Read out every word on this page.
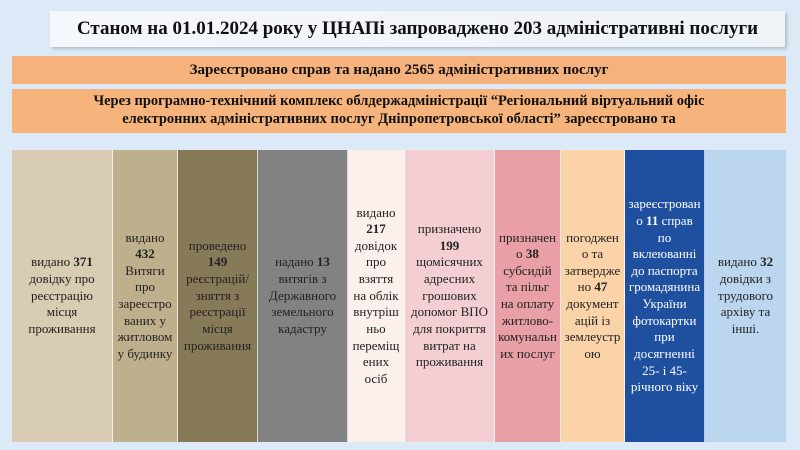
Станом на 01.01.2024 року у ЦНАПі запроваджено 203 адміністративні послуги
Зареєстровано справ та надано 2565 адміністративних послуг
Через програмно-технічний комплекс облдержадміністрації “Регіональний віртуальний офіс електронних адміністративних послуг Дніпропетровської області” зареєстровано та
видано 371 довідку про реєстрацію місця проживання
видано 432 Витяги про зареєстрованих у житловому будинку
проведено 149 реєстрацій/зняття з реєстрації місця проживання
надано 13 витягів з Державного земельного кадастру
видано 217 довідок про взяття на облік внутрішньо переміщених осіб
призначено 199 щомісячних адресних грошових допомог ВПО для покриття витрат на проживання
призначено 38 субсидій та пільг на оплату житлово-комунальних послуг
погоджено та затверджено 47 документацій із землеустрою
зареєстровано 11 справ по вклеюванні до паспорта громадянина України фотокартки при досягненні 25- і 45-річного віку
видано 32 довідки з трудового архіву та інші.
